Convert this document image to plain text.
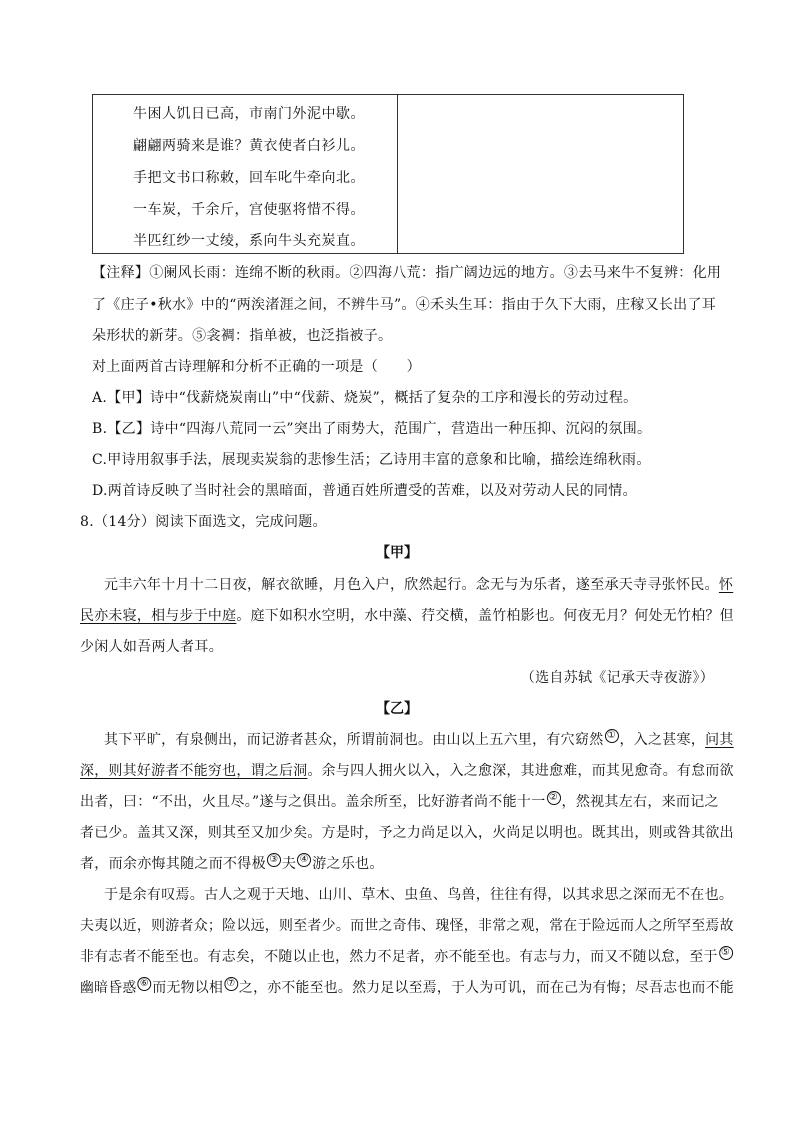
牛困人饥日已高，市南门外泥中歇。
翩翩两骑来是谁？黄衣使者白衫儿。
手把文书口称敕，回车叱牛牵向北。
一车炭，千余斤，宫使驱将惜不得。
半匹红纱一丈绫，系向牛头充炭直。
【注释】①阑风长雨：连绵不断的秋雨。②四海八荒：指广阔边远的地方。③去马来牛不复辨：化用
了《庄子•秋水》中的“两涘渚涯之间，不辨牛马”。④禾头生耳：指由于久下大雨，庄稼又长出了耳
朵形状的新芽。⑤衾裯：指单被，也泛指被子。
对上面两首古诗理解和分析不正确的一项是（　　）
A.【甲】诗中“伐薪烧炭南山”中“伐薪、烧炭”，概括了复杂的工序和漫长的劳动过程。
B.【乙】诗中“四海八荒同一云”突出了雨势大，范围广，营造出一种压抑、沉闷的氛围。
C.甲诗用叙事手法，展现卖炭翁的悲惨生活；乙诗用丰富的意象和比喻，描绘连绵秋雨。
D.两首诗反映了当时社会的黑暗面，普通百姓所遭受的苦难，以及对劳动人民的同情。
8.（14分）阅读下面选文，完成问题。
【甲】
元丰六年十月十二日夜，解衣欲睡，月色入户，欣然起行。念无与为乐者，遂至承天寺寻张怀民。怀
民亦未寝，相与步于中庭。庭下如积水空明，水中藻、荇交横，盖竹柏影也。何夜无月？何处无竹柏？但
少闲人如吾两人者耳。
（选自苏轼《记承天寺夜游》）
【乙】
其下平旷，有泉侧出，而记游者甚众，所谓前洞也。由山以上五六里，有穴窈然 ① ，入之甚寒，问其
深，则其好游者不能穷也，谓之后洞。余与四人拥火以入，入之愈深，其进愈难，而其见愈奇。有怠而欲
出者，曰：“不出，火且尽。”遂与之俱出。盖余所至，比好游者尚不能十一 ② ，然视其左右，来而记之
者已少。盖其又深，则其至又加少矣。方是时，予之力尚足以入，火尚足以明也。既其出，则或咎其欲出
者，而余亦悔其随之而不得极 ③ 夫 ④ 游之乐也。
于是余有叹焉。古人之观于天地、山川、草木、虫鱼、鸟兽，往往有得，以其求思之深而无不在也。
夫夷以近，则游者众；险以远，则至者少。而世之奇伟、瑰怪，非常之观，常在于险远而人之所罕至焉故
非有志者不能至也。有志矣，不随以止也，然力不足者，亦不能至也。有志与力，而又不随以怠，至于 ⑤
幽暗昏惑 ⑥ 而无物以相 ⑦ 之，亦不能至也。然力足以至焉，于人为可讥，而在己为有悔；尽吾志也而不能
